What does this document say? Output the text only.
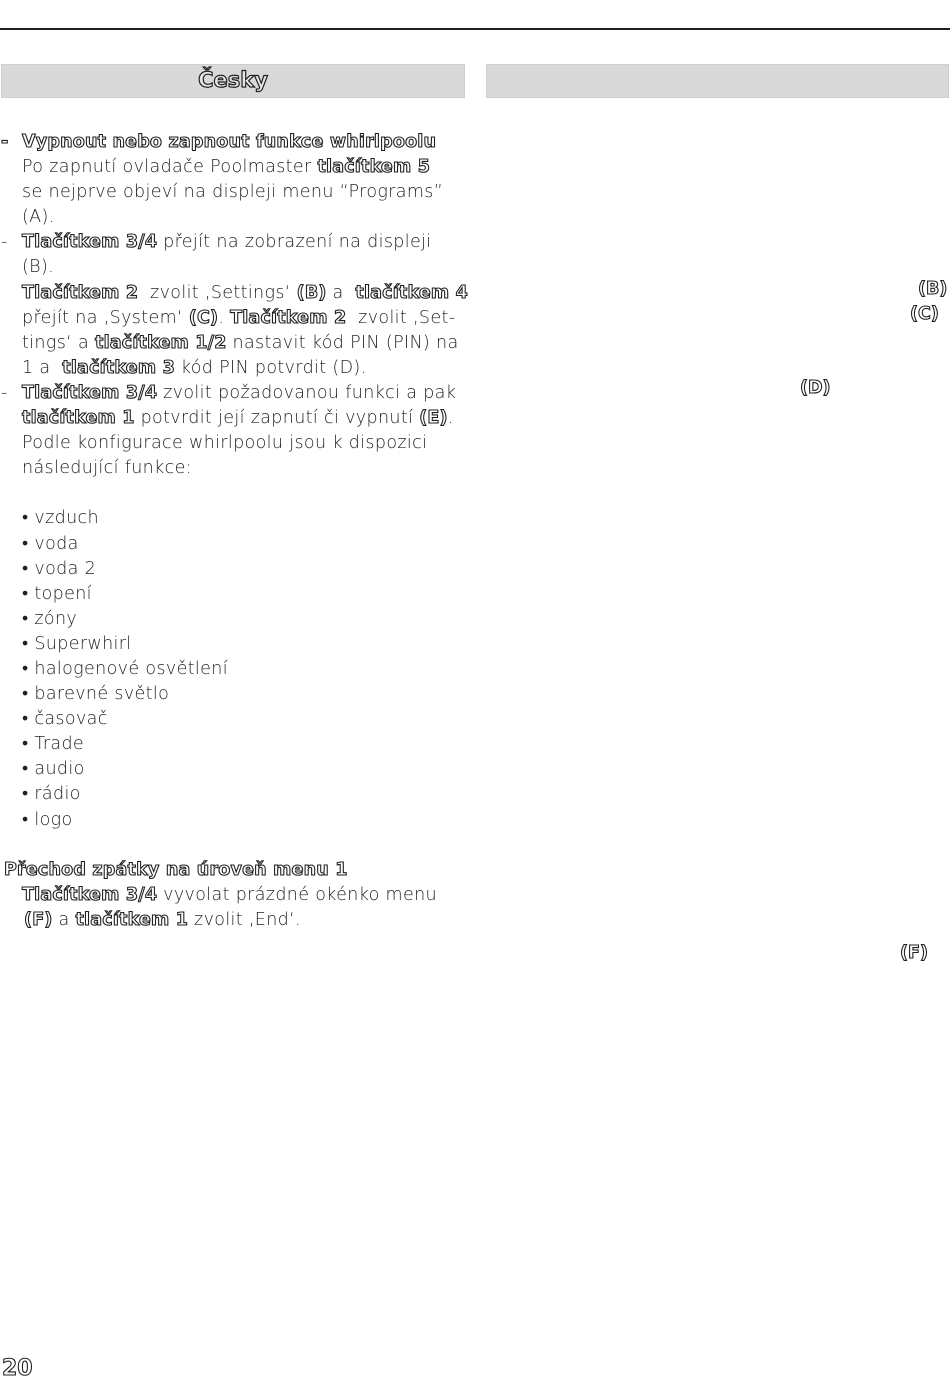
Česky
- Vypnout nebo zapnout funkce whirlpoolu
Po zapnutí ovladače Poolmaster tlačítkem 5
se nejprve objeví na displeji menu “Programs”
(A).
- Tlačítkem 3/4 přejít na zobrazení na displeji
(B).
Tlačítkem 2  zvolit ‚Settings‘ (B) a  tlačítkem 4
přejít na ‚System‘ (C). Tlačítkem 2  zvolit ‚Set-
tings‘ a tlačítkem 1/2 nastavit kód PIN (PIN) na
1 a  tlačítkem 3 kód PIN potvrdit (D).
- Tlačítkem 3/4 zvolit požadovanou funkci a pak
tlačítkem 1 potvrdit její zapnutí či vypnutí (E).
Podle konfigurace whirlpoolu jsou k dispozici
následující funkce:
• vzduch
• voda
• voda 2
• topení
• zóny
• Superwhirl
• halogenové osvětlení
• barevné světlo
• časovač
• Trade
• audio
• rádio
• logo
Přechod zpátky na úroveň menu 1
Tlačítkem 3/4 vyvolat prázdné okénko menu
(F) a tlačítkem 1 zvolit ‚End‘.
(B)
(C)
(D)
(F)
20
